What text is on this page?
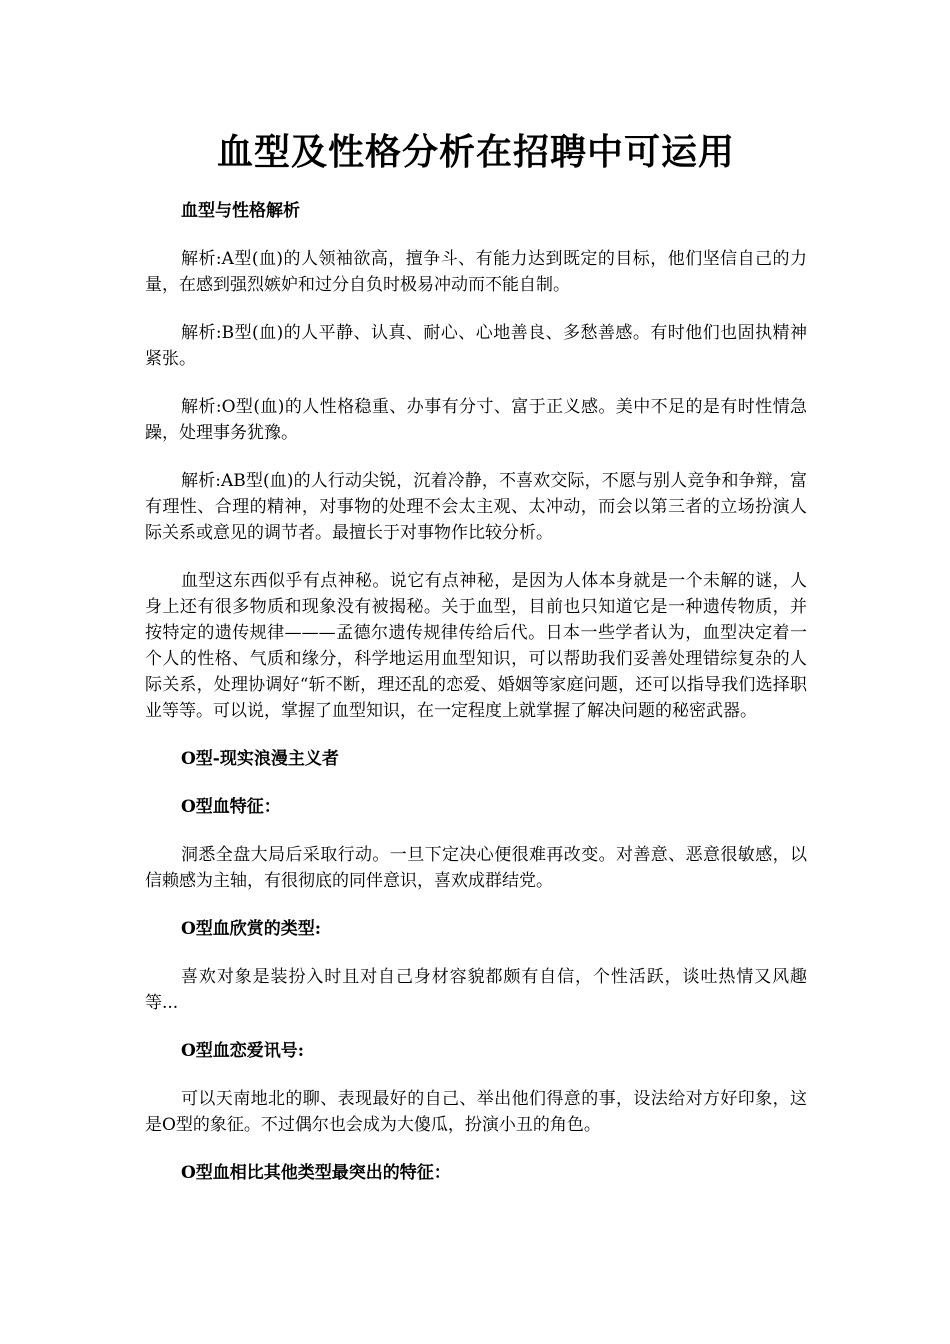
血型及性格分析在招聘中可运用
血型与性格解析

解析:A型(血)的人领袖欲高，擅争斗、有能力达到既定的目标，他们坚信自己的力量，在感到强烈嫉妒和过分自负时极易冲动而不能自制。

解析:B型(血)的人平静、认真、耐心、心地善良、多愁善感。有时他们也固执精神紧张。

解析:O型(血)的人性格稳重、办事有分寸、富于正义感。美中不足的是有时性情急躁，处理事务犹豫。

解析:AB型(血)的人行动尖锐，沉着冷静，不喜欢交际，不愿与别人竞争和争辩，富有理性、合理的精神，对事物的处理不会太主观、太冲动，而会以第三者的立场扮演人际关系或意见的调节者。最擅长于对事物作比较分析。

血型这东西似乎有点神秘。说它有点神秘，是因为人体本身就是一个未解的谜，人身上还有很多物质和现象没有被揭秘。关于血型，目前也只知道它是一种遗传物质，并按特定的遗传规律———孟德尔遗传规律传给后代。日本一些学者认为，血型决定着一个人的性格、气质和缘分，科学地运用血型知识，可以帮助我们妥善处理错综复杂的人际关系，处理协调好“斩不断，理还乱的恋爱、婚姻等家庭问题，还可以指导我们选择职业等等。可以说，掌握了血型知识，在一定程度上就掌握了解决问题的秘密武器。

O型-现实浪漫主义者
O型血特征：

洞悉全盘大局后采取行动。一旦下定决心便很难再改变。对善意、恶意很敏感，以信赖感为主轴，有很彻底的同伴意识，喜欢成群结党。

O型血欣赏的类型:

喜欢对象是装扮入时且对自己身材容貌都颇有自信，个性活跃，谈吐热情又风趣等...

O型血恋爱讯号:

可以天南地北的聊、表现最好的自己、举出他们得意的事，设法给对方好印象，这是O型的象征。不过偶尔也会成为大傻瓜，扮演小丑的角色。

O型血相比其他类型最突出的特征：
